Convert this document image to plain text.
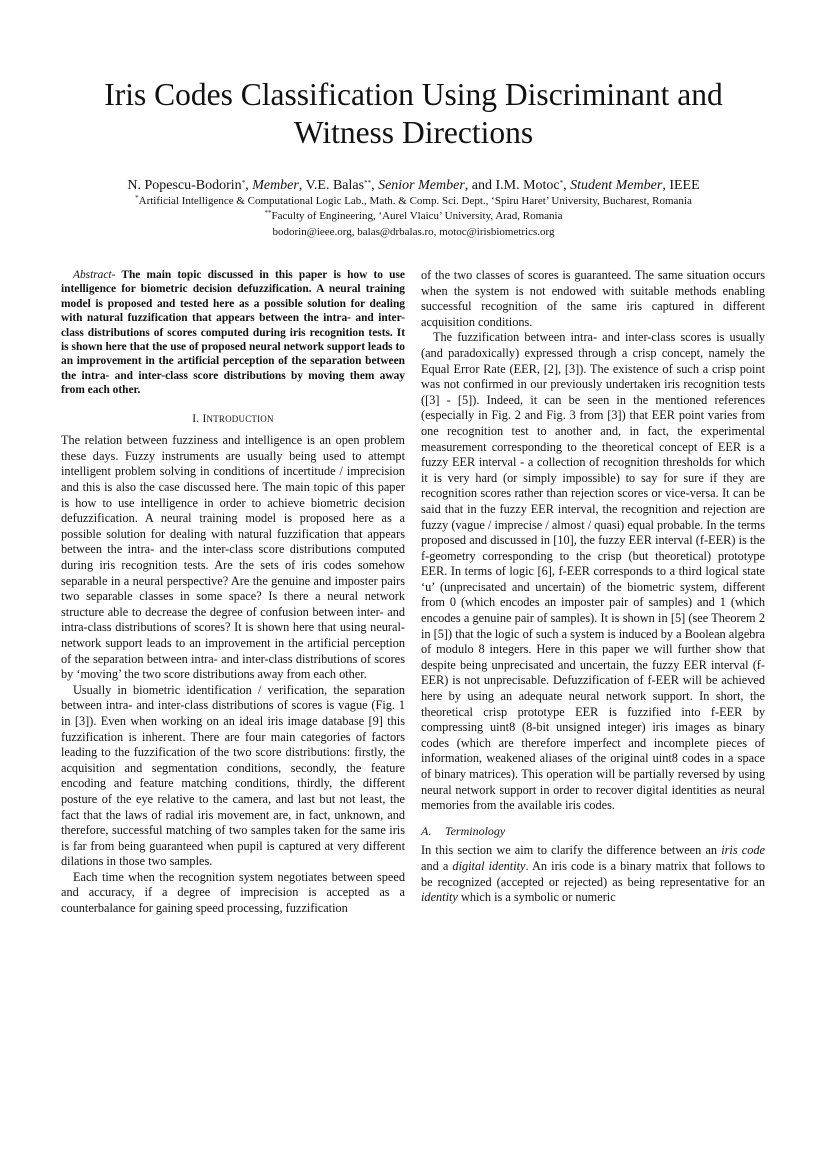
Iris Codes Classification Using Discriminant and
Witness Directions
N. Popescu-Bodorin*, Member, V.E. Balas**, Senior Member, and I.M. Motoc*, Student Member, IEEE
*Artificial Intelligence & Computational Logic Lab., Math. & Comp. Sci. Dept., ‘Spiru Haret’ University, Bucharest, Romania
**Faculty of Engineering, ‘Aurel Vlaicu’ University, Arad, Romania
bodorin@ieee.org, balas@drbalas.ro, motoc@irisbiometrics.org

Abstract- The main topic discussed in this paper is how to use intelligence for biometric decision defuzzification. A neural training model is proposed and tested here as a possible solution for dealing with natural fuzzification that appears between the intra- and inter-class distributions of scores computed during iris recognition tests. It is shown here that the use of proposed neural network support leads to an improvement in the artificial perception of the separation between the intra- and inter-class score distributions by moving them away from each other.

I. INTRODUCTION

The relation between fuzziness and intelligence is an open problem these days. Fuzzy instruments are usually being used to attempt intelligent problem solving in conditions of incertitude / imprecision and this is also the case discussed here. The main topic of this paper is how to use intelligence in order to achieve biometric decision defuzzification. A neural training model is proposed here as a possible solution for dealing with natural fuzzification that appears between the intra- and the inter-class score distributions computed during iris recognition tests. Are the sets of iris codes somehow separable in a neural perspective? Are the genuine and imposter pairs two separable classes in some space? Is there a neural network structure able to decrease the degree of confusion between inter- and intra-class distributions of scores? It is shown here that using neural-network support leads to an improvement in the artificial perception of the separation between intra- and inter-class distributions of scores by ‘moving’ the two score distributions away from each other.

Usually in biometric identification / verification, the separation between intra- and inter-class distributions of scores is vague (Fig. 1 in [3]). Even when working on an ideal iris image database [9] this fuzzification is inherent. There are four main categories of factors leading to the fuzzification of the two score distributions: firstly, the acquisition and segmentation conditions, secondly, the feature encoding and feature matching conditions, thirdly, the different posture of the eye relative to the camera, and last but not least, the fact that the laws of radial iris movement are, in fact, unknown, and therefore, successful matching of two samples taken for the same iris is far from being guaranteed when pupil is captured at very different dilations in those two samples.

Each time when the recognition system negotiates between speed and accuracy, if a degree of imprecision is accepted as a counterbalance for gaining speed processing, fuzzification

of the two classes of scores is guaranteed. The same situation occurs when the system is not endowed with suitable methods enabling successful recognition of the same iris captured in different acquisition conditions.

The fuzzification between intra- and inter-class scores is usually (and paradoxically) expressed through a crisp concept, namely the Equal Error Rate (EER, [2], [3]). The existence of such a crisp point was not confirmed in our previously undertaken iris recognition tests ([3] - [5]). Indeed, it can be seen in the mentioned references (especially in Fig. 2 and Fig. 3 from [3]) that EER point varies from one recognition test to another and, in fact, the experimental measurement corresponding to the theoretical concept of EER is a fuzzy EER interval - a collection of recognition thresholds for which it is very hard (or simply impossible) to say for sure if they are recognition scores rather than rejection scores or vice-versa. It can be said that in the fuzzy EER interval, the recognition and rejection are fuzzy (vague / imprecise / almost / quasi) equal probable. In the terms proposed and discussed in [10], the fuzzy EER interval (f-EER) is the f-geometry corresponding to the crisp (but theoretical) prototype EER. In terms of logic [6], f-EER corresponds to a third logical state ‘u’ (unprecisated and uncertain) of the biometric system, different from 0 (which encodes an imposter pair of samples) and 1 (which encodes a genuine pair of samples). It is shown in [5] (see Theorem 2 in [5]) that the logic of such a system is induced by a Boolean algebra of modulo 8 integers. Here in this paper we will further show that despite being unprecisated and uncertain, the fuzzy EER interval (f-EER) is not unprecisable. Defuzzification of f-EER will be achieved here by using an adequate neural network support. In short, the theoretical crisp prototype EER is fuzzified into f-EER by compressing uint8 (8-bit unsigned integer) iris images as binary codes (which are therefore imperfect and incomplete pieces of information, weakened aliases of the original uint8 codes in a space of binary matrices). This operation will be partially reversed by using neural network support in order to recover digital identities as neural memories from the available iris codes.

A. Terminology

In this section we aim to clarify the difference between an iris code and a digital identity. An iris code is a binary matrix that follows to be recognized (accepted or rejected) as being representative for an identity which is a symbolic or numeric
